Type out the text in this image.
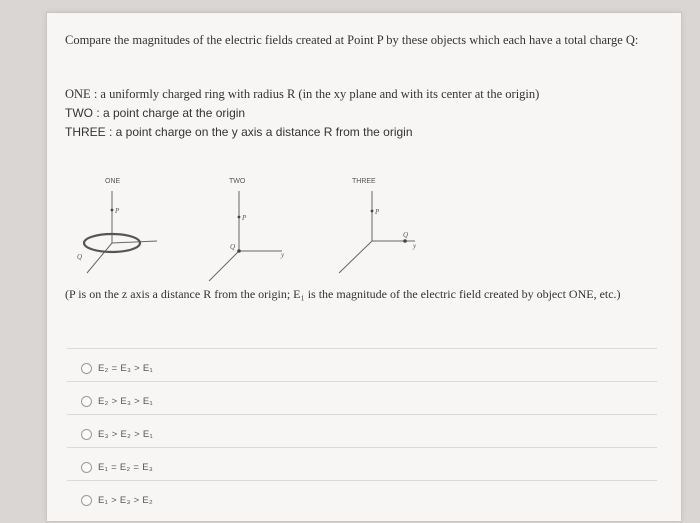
Compare the magnitudes of the electric fields created at Point P by these objects which each have a total charge Q:
ONE : a uniformly charged ring with radius R (in the xy plane and with its center at the origin)
TWO : a point charge at the origin
THREE : a point charge on the y axis a distance R from the origin
ONE
P
Q
TWO
P
Q
y
THREE
P
Q
y
(P is on the z axis a distance R from the origin; E₁ is the magnitude of the electric field created by object ONE, etc.)
E₂ = E₃ > E₁
E₂ > E₃ > E₁
E₃ > E₂ > E₁
E₁ = E₂ = E₃
E₁ > E₃ > E₂
